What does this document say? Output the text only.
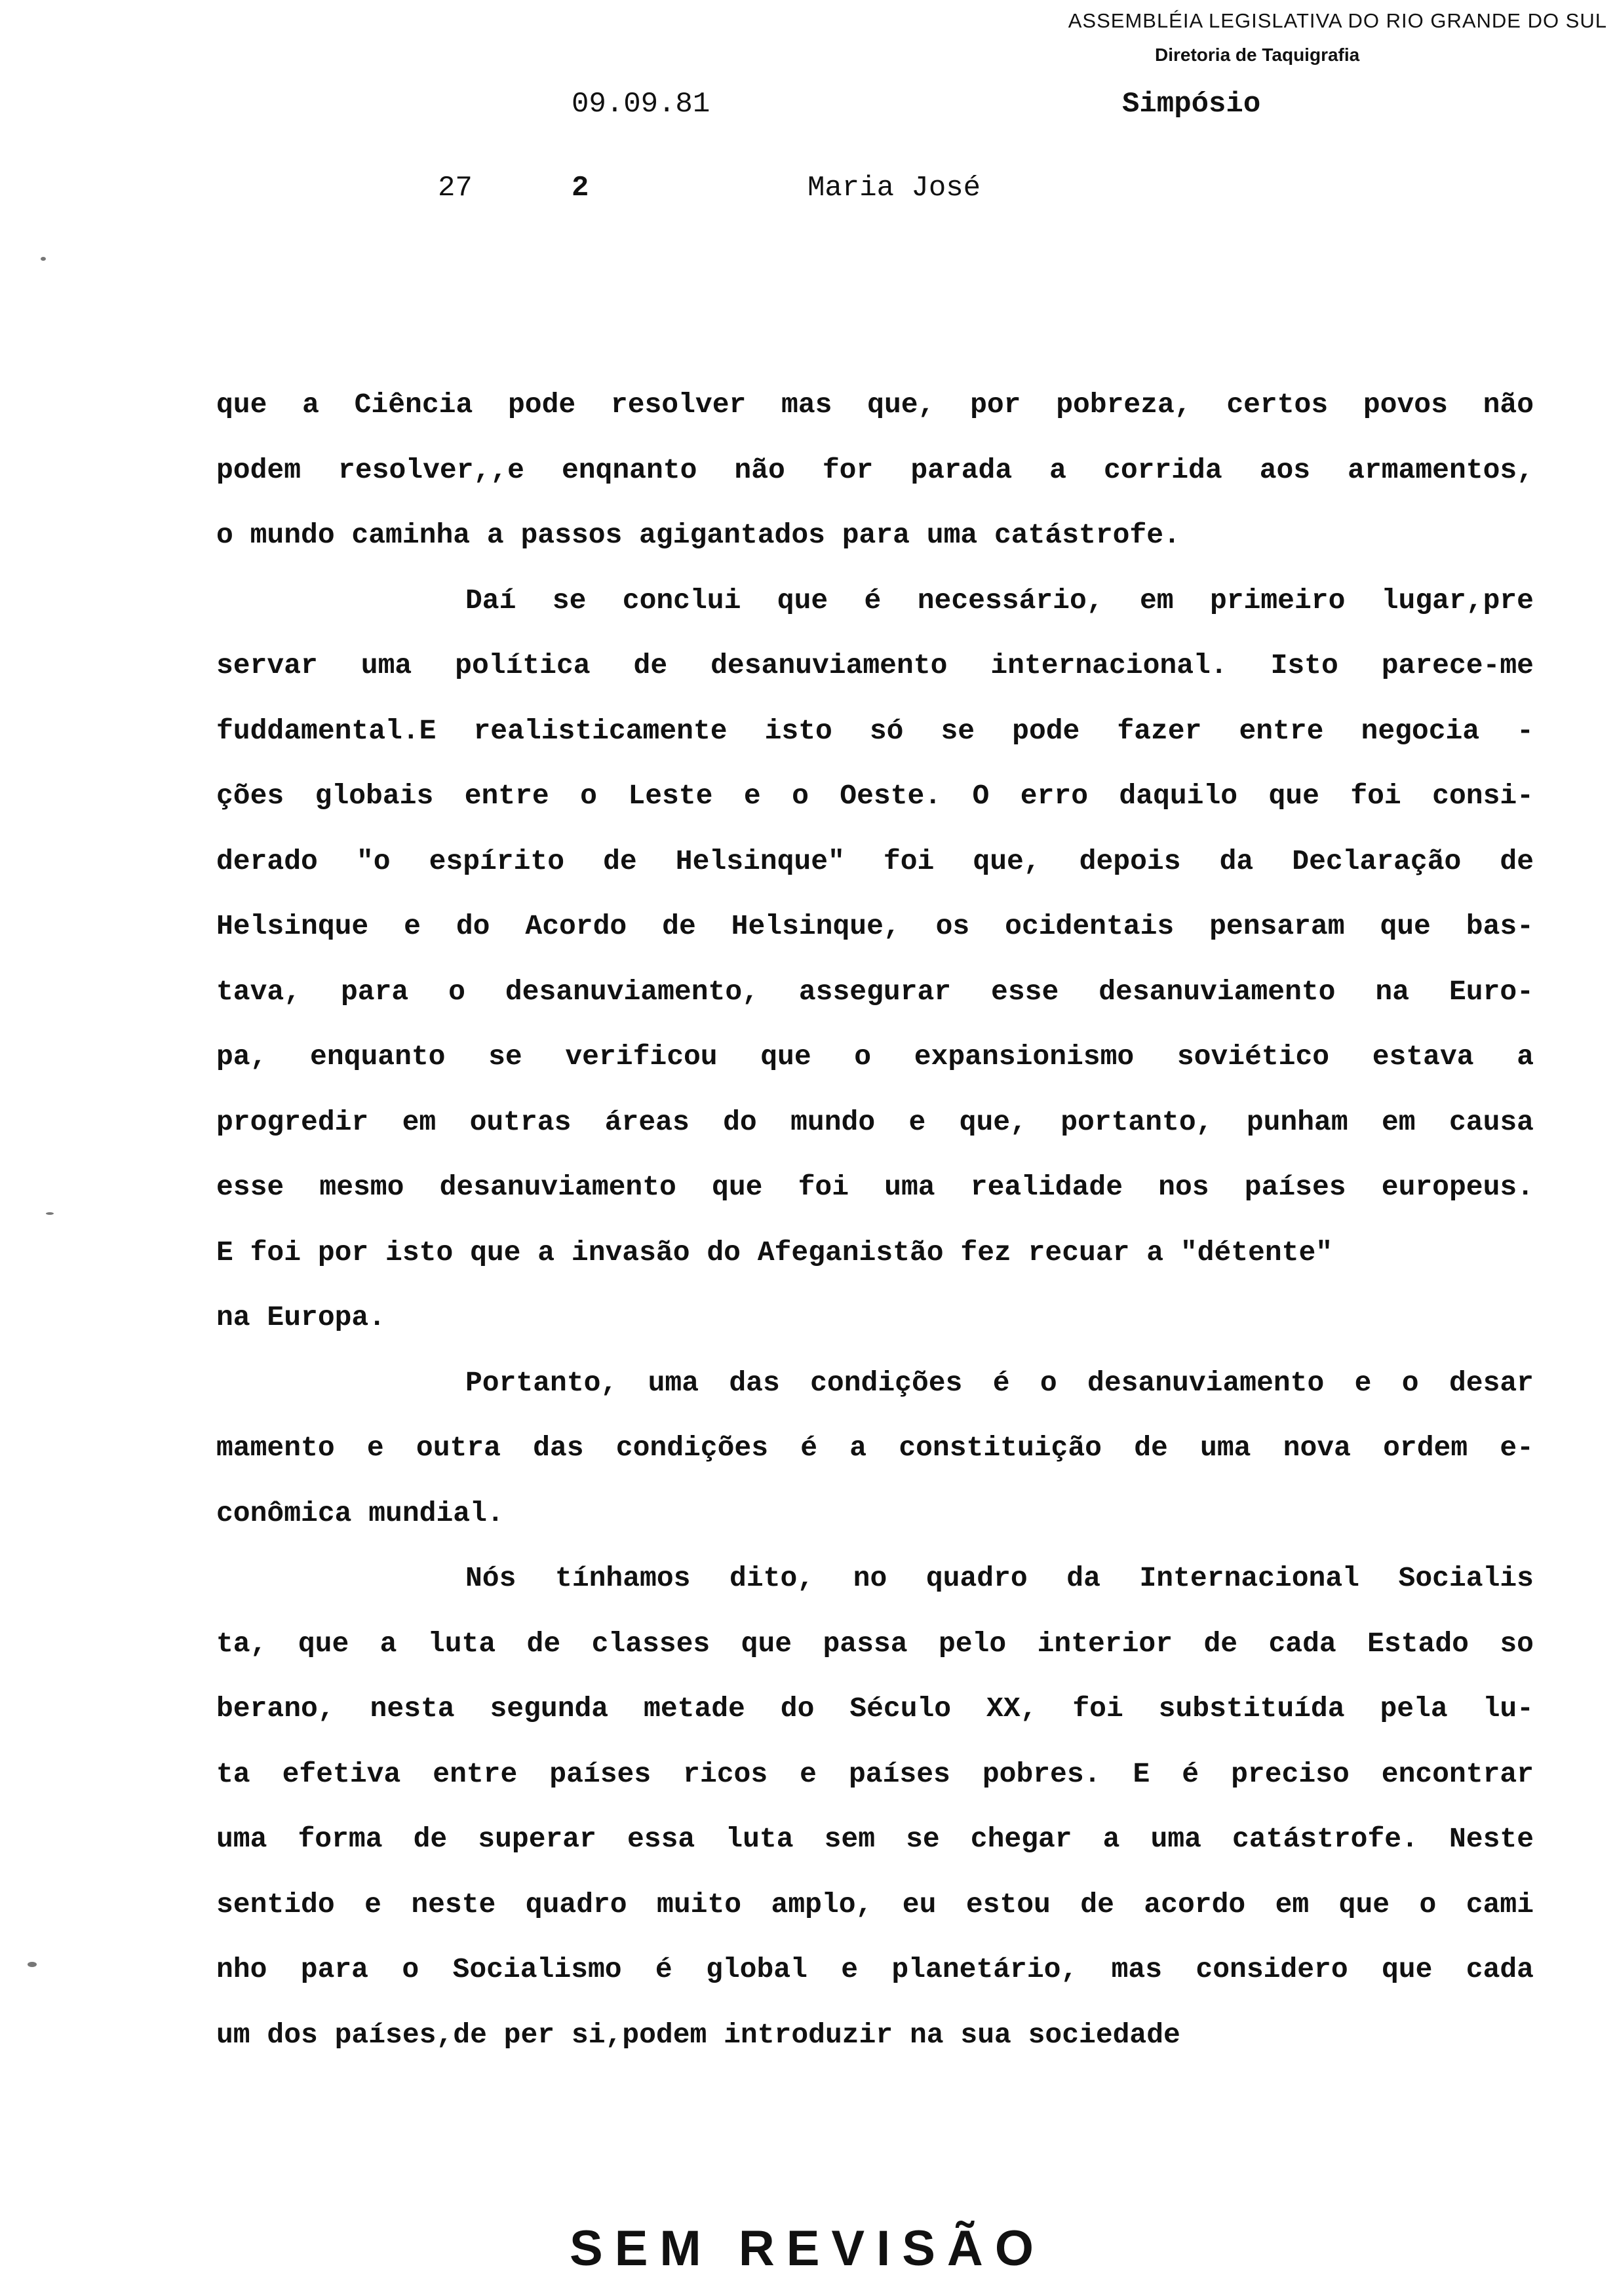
ASSEMBLÉIA LEGISLATIVA DO RIO GRANDE DO SUL
Diretoria de Taquigrafia
09.09.81	Simpósio
27	2	Maria José
que a Ciência pode resolver mas que, por pobreza, certos povos não
podem resolver,,e enqnanto não for parada a corrida aos armamentos,
o mundo caminha a passos agigantados para uma catástrofe.
Daí se conclui que é necessário, em primeiro lugar,pre
servar uma política de desanuviamento internacional. Isto parece-me
fuddamental.E realisticamente isto só se pode fazer entre negocia -
ções globais entre o Leste e o Oeste. O erro daquilo que foi consi-
derado "o espírito de Helsinque" foi que, depois da Declaração de
Helsinque e do Acordo de Helsinque, os ocidentais pensaram que bas-
tava, para o desanuviamento, assegurar esse desanuviamento na Euro-
pa, enquanto se verificou que o expansionismo soviético estava a
progredir em outras áreas do mundo e que, portanto, punham em causa
esse mesmo desanuviamento que foi uma realidade nos países europeus.
E foi por isto que a invasão do Afeganistão fez recuar a "détente"
na Europa.
Portanto, uma das condições é o desanuviamento e o desar
mamento e outra das condições é a constituição de uma nova ordem e-
conômica mundial.
Nós tínhamos dito, no quadro da Internacional Socialis
ta, que a luta de classes que passa pelo interior de cada Estado so
berano, nesta segunda metade do Século XX, foi substituída pela lu-
ta efetiva entre países ricos e países pobres. E é preciso encontrar
uma forma de superar essa luta sem se chegar a uma catástrofe. Neste
sentido e neste quadro muito amplo, eu estou de acordo em que o cami
nho para o Socialismo é global e planetário, mas considero que cada
um dos países,de per si,podem introduzir na sua sociedade
SEM REVISÃO
